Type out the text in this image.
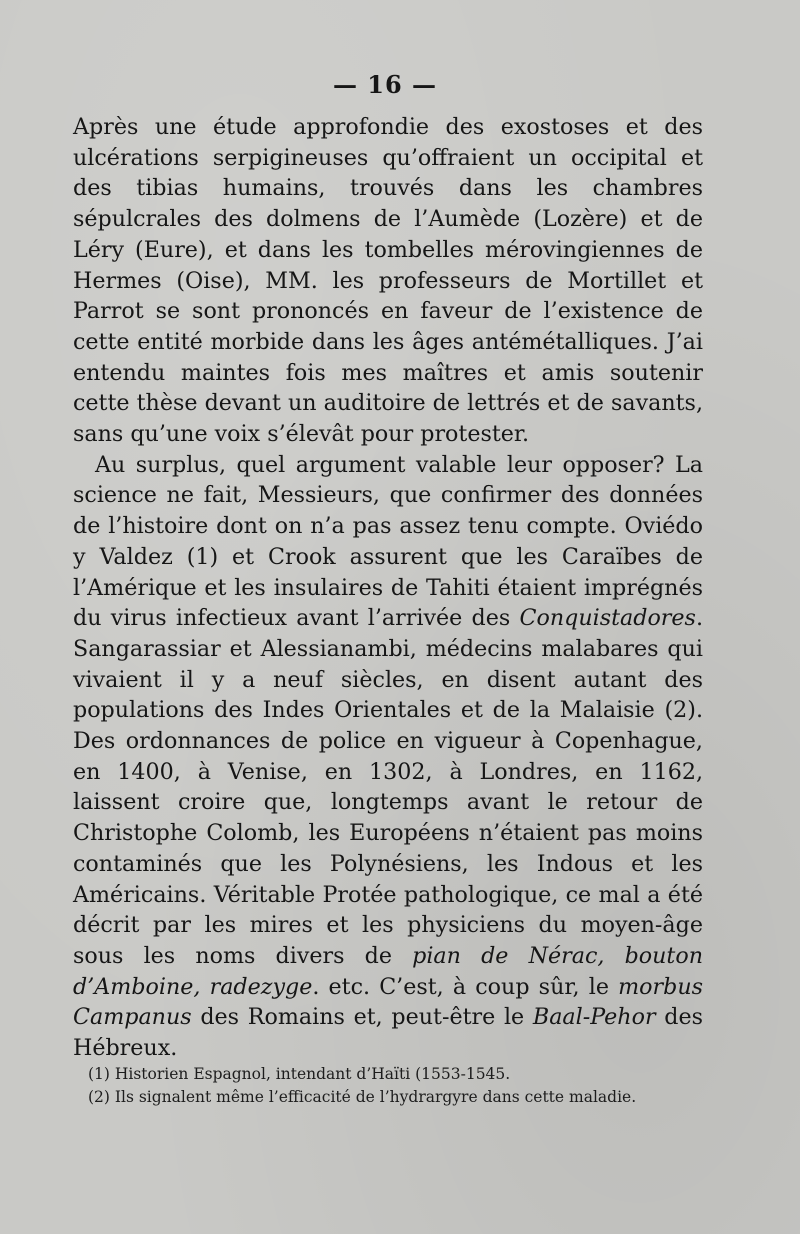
— 16 —

Après une étude approfondie des exostoses et des ulcérations serpigineuses qu’offraient un occipital et des tibias humains, trouvés dans les chambres sépulcrales des dolmens de l’Aumède (Lozère) et de Léry (Eure), et dans les tombelles mérovingiennes de Hermes (Oise), MM. les professeurs de Mortillet et Parrot se sont prononcés en faveur de l’existence de cette entité morbide dans les âges antémétalliques. J’ai entendu maintes fois mes maîtres et amis soutenir cette thèse devant un auditoire de lettrés et de savants, sans qu’une voix s’élevât pour protester.

Au surplus, quel argument valable leur opposer? La science ne fait, Messieurs, que confirmer des données de l’histoire dont on n’a pas assez tenu compte. Oviédo y Valdez (1) et Crook assurent que les Caraïbes de l’Amérique et les insulaires de Tahiti étaient imprégnés du virus infectieux avant l’arrivée des Conquistadores. Sangarassiar et Alessianambi, médecins malabares qui vivaient il y a neuf siècles, en disent autant des populations des Indes Orientales et de la Malaisie (2). Des ordonnances de police en vigueur à Copenhague, en 1400, à Venise, en 1302, à Londres, en 1162, laissent croire que, longtemps avant le retour de Christophe Colomb, les Européens n’étaient pas moins contaminés que les Polynésiens, les Indous et les Américains. Véritable Protée pathologique, ce mal a été décrit par les mires et les physiciens du moyen-âge sous les noms divers de pian de Nérac, bouton d’Amboine, radezyge. etc. C’est, à coup sûr, le morbus Campanus des Romains et, peut-être le Baal-Pehor des Hébreux.

(1) Historien Espagnol, intendant d’Haïti (1553-1545.

(2) Ils signalent même l’efficacité de l’hydrargyre dans cette maladie.
